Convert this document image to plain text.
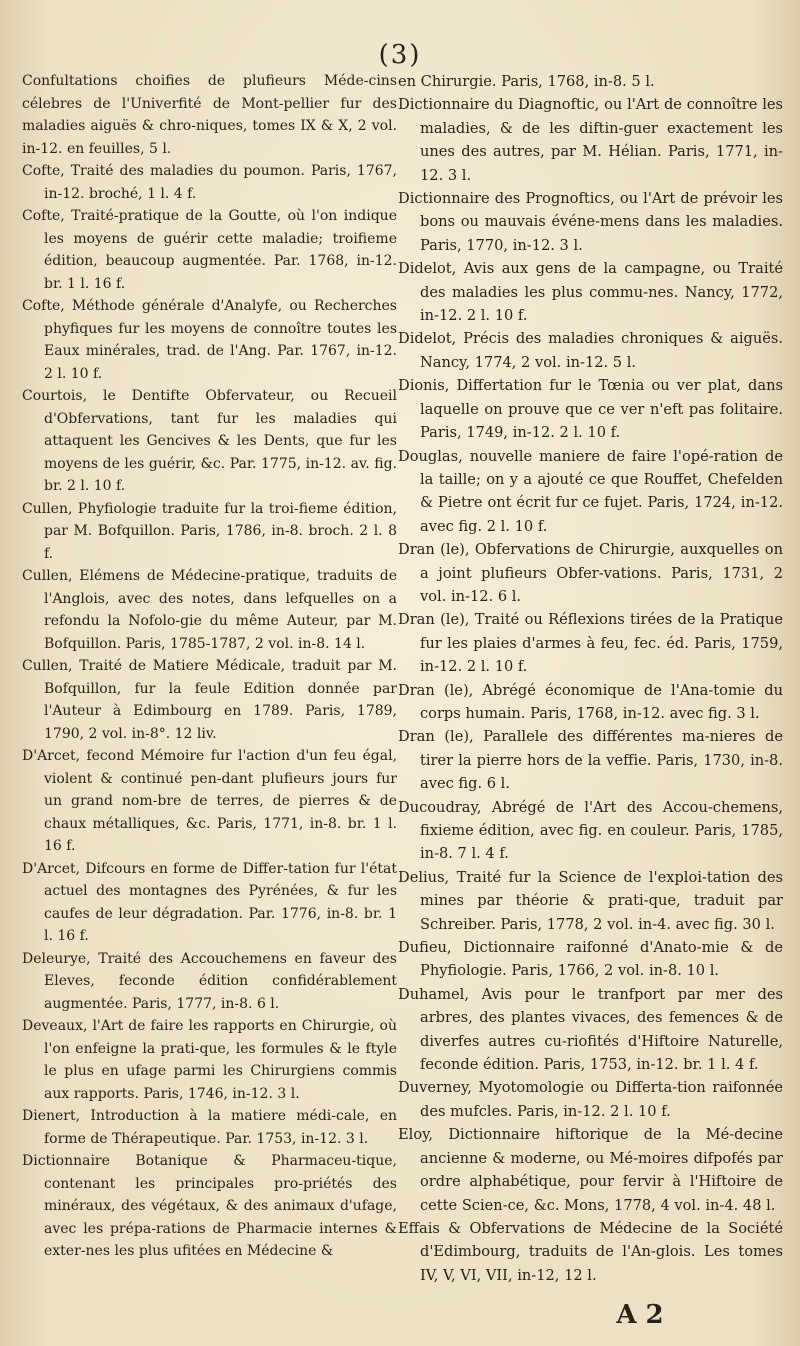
(3)

Confultations choifies de plufieurs Méde-cins célebres de l'Univerfité de Mont-pellier fur des maladies aiguës & chro-niques, tomes IX & X, 2 vol. in-12. en feuilles, 5 l.

Cofte, Traité des maladies du poumon. Paris, 1767, in-12. broché, 1 l. 4 f.

Cofte, Traité-pratique de la Goutte, où l'on indique les moyens de guérir cette maladie; troifieme édition, beaucoup augmentée. Par. 1768, in-12. br. 1 l. 16 f.

Cofte, Méthode générale d'Analyfe, ou Recherches phyfiques fur les moyens de connoître toutes les Eaux minérales, trad. de l'Ang. Par. 1767, in-12. 2 l. 10 f.

Courtois, le Dentifte Obfervateur, ou Recueil d'Obfervations, tant fur les maladies qui attaquent les Gencives & les Dents, que fur les moyens de les guérir, &c. Par. 1775, in-12. av. fig. br. 2 l. 10 f.

Cullen, Phyfiologie traduite fur la troi-fieme édition, par M. Bofquillon. Paris, 1786, in-8. broch. 2 l. 8 f.

Cullen, Elémens de Médecine-pratique, traduits de l'Anglois, avec des notes, dans lefquelles on a refondu la Nofolo-gie du même Auteur, par M. Bofquillon. Paris, 1785-1787, 2 vol. in-8. 14 l.

Cullen, Traité de Matiere Médicale, traduit par M. Bofquillon, fur la feule Edition donnée par l'Auteur à Edimbourg en 1789. Paris, 1789, 1790, 2 vol. in-8°. 12 liv.

D'Arcet, fecond Mémoire fur l'action d'un feu égal, violent & continué pen-dant plufieurs jours fur un grand nom-bre de terres, de pierres & de chaux métalliques, &c. Paris, 1771, in-8. br. 1 l. 16 f.

D'Arcet, Difcours en forme de Differ-tation fur l'état actuel des montagnes des Pyrénées, & fur les caufes de leur dégradation. Par. 1776, in-8. br. 1 l. 16 f.

Deleurye, Traité des Accouchemens en faveur des Eleves, feconde édition confidérablement augmentée. Paris, 1777, in-8. 6 l.

Deveaux, l'Art de faire les rapports en Chirurgie, où l'on enfeigne la prati-que, les formules & le ftyle le plus en ufage parmi les Chirurgiens commis aux rapports. Paris, 1746, in-12. 3 l.

Dienert, Introduction à la matiere médi-cale, en forme de Thérapeutique. Par. 1753, in-12. 3 l.

Dictionnaire Botanique & Pharmaceu-tique, contenant les principales pro-priétés des minéraux, des végétaux, & des animaux d'ufage, avec les prépa-rations de Pharmacie internes & exter-nes les plus ufitées en Médecine &

en Chirurgie. Paris, 1768, in-8. 5 l.

Dictionnaire du Diagnoftic, ou l'Art de connoître les maladies, & de les diftin-guer exactement les unes des autres, par M. Hélian. Paris, 1771, in-12. 3 l.

Dictionnaire des Prognoftics, ou l'Art de prévoir les bons ou mauvais événe-mens dans les maladies. Paris, 1770, in-12. 3 l.

Didelot, Avis aux gens de la campagne, ou Traité des maladies les plus commu-nes. Nancy, 1772, in-12. 2 l. 10 f.

Didelot, Précis des maladies chroniques & aiguës. Nancy, 1774, 2 vol. in-12. 5 l.

Dionis, Differtation fur le Tœnia ou ver plat, dans laquelle on prouve que ce ver n'eft pas folitaire. Paris, 1749, in-12. 2 l. 10 f.

Douglas, nouvelle maniere de faire l'opé-ration de la taille; on y a ajouté ce que Rouffet, Chefelden & Pietre ont écrit fur ce fujet. Paris, 1724, in-12. avec fig. 2 l. 10 f.

Dran (le), Obfervations de Chirurgie, auxquelles on a joint plufieurs Obfer-vations. Paris, 1731, 2 vol. in-12. 6 l.

Dran (le), Traité ou Réflexions tirées de la Pratique fur les plaies d'armes à feu, fec. éd. Paris, 1759, in-12. 2 l. 10 f.

Dran (le), Abrégé économique de l'Ana-tomie du corps humain. Paris, 1768, in-12. avec fig. 3 l.

Dran (le), Parallele des différentes ma-nieres de tirer la pierre hors de la veffie. Paris, 1730, in-8. avec fig. 6 l.

Ducoudray, Abrégé de l'Art des Accou-chemens, fixieme édition, avec fig. en couleur. Paris, 1785, in-8. 7 l. 4 f.

Delius, Traité fur la Science de l'exploi-tation des mines par théorie & prati-que, traduit par Schreiber. Paris, 1778, 2 vol. in-4. avec fig. 30 l.

Dufieu, Dictionnaire raifonné d'Anato-mie & de Phyfiologie. Paris, 1766, 2 vol. in-8. 10 l.

Duhamel, Avis pour le tranfport par mer des arbres, des plantes vivaces, des femences & de diverfes autres cu-riofités d'Hiftoire Naturelle, feconde édition. Paris, 1753, in-12. br. 1 l. 4 f.

Duverney, Myotomologie ou Differta-tion raifonnée des mufcles. Paris, in-12. 2 l. 10 f.

Eloy, Dictionnaire hiftorique de la Mé-decine ancienne & moderne, ou Mé-moires difpofés par ordre alphabétique, pour fervir à l'Hiftoire de cette Scien-ce, &c. Mons, 1778, 4 vol. in-4. 48 l.

Effais & Obfervations de Médecine de la Société d'Edimbourg, traduits de l'An-glois. Les tomes IV, V, VI, VII, in-12, 12 l.

A 2
